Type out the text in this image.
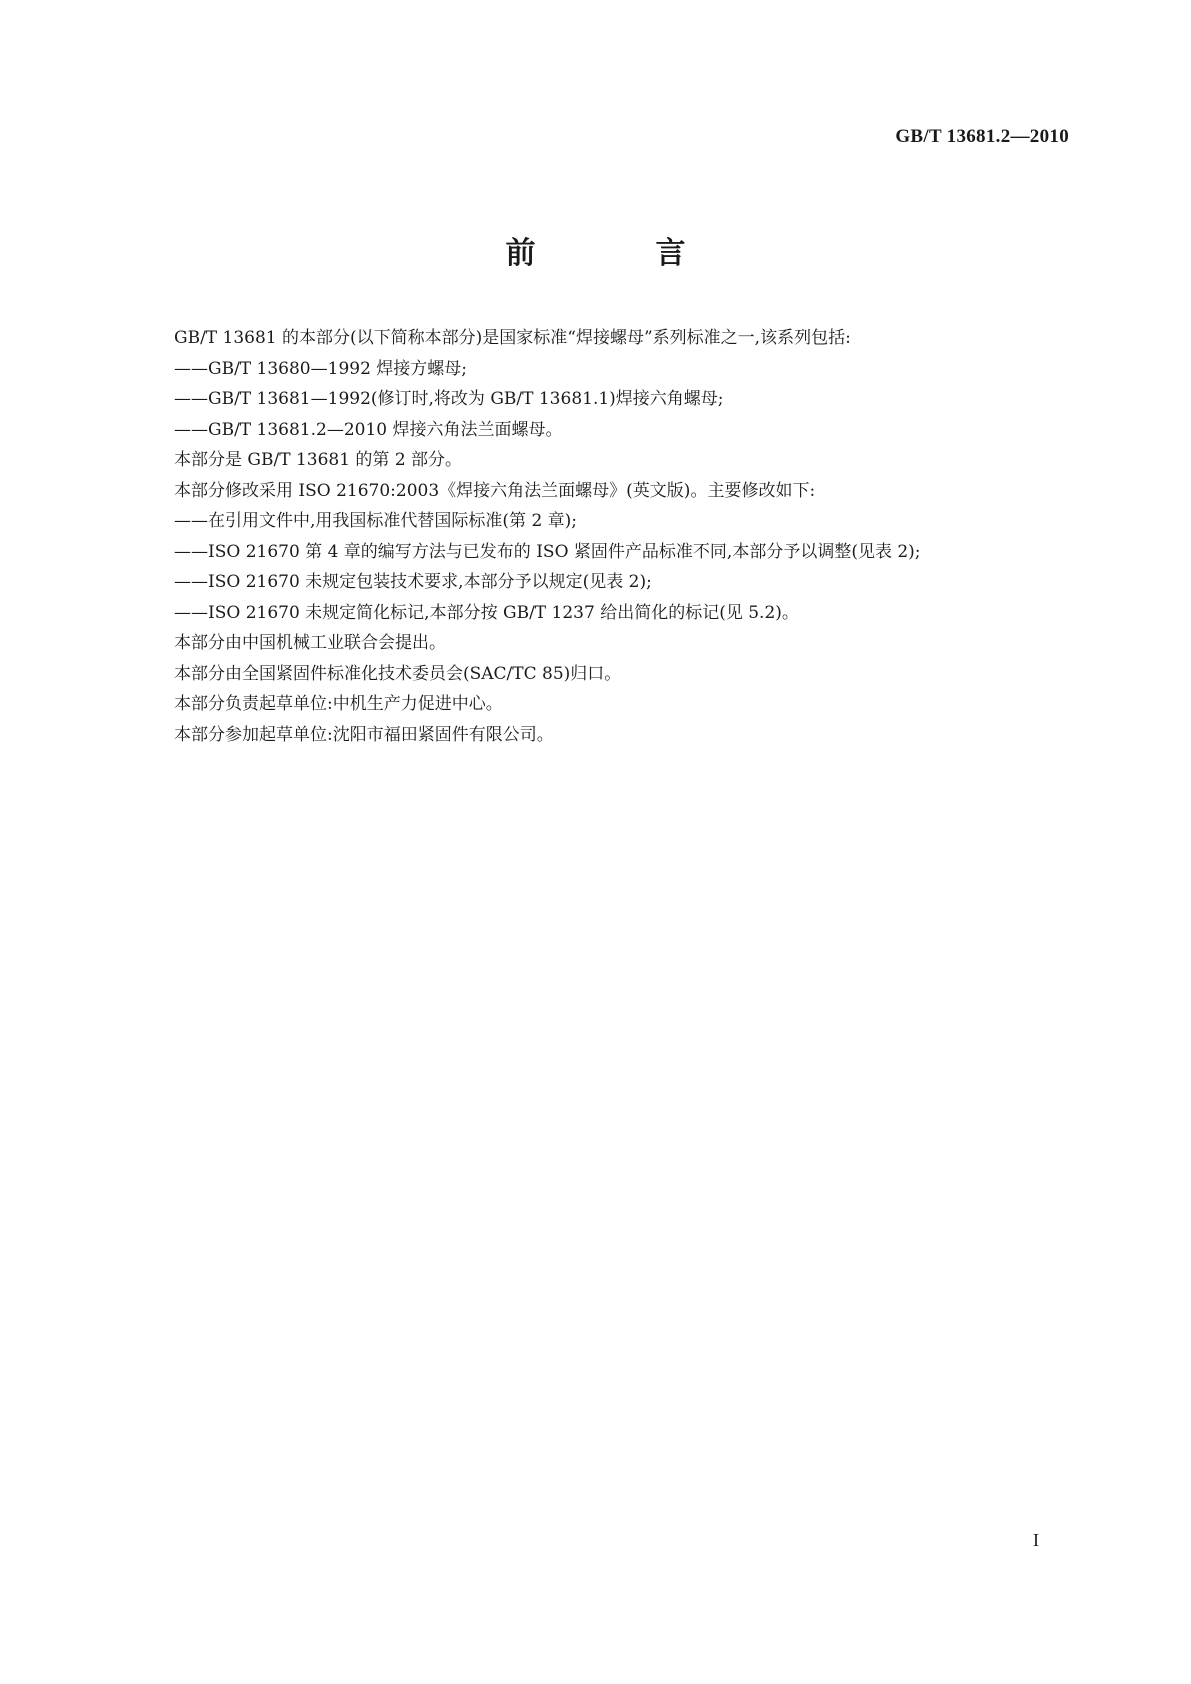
GB/T 13681.2—2010
前　言
GB/T 13681 的本部分(以下简称本部分)是国家标准“焊接螺母”系列标准之一,该系列包括:
——GB/T 13680—1992 焊接方螺母;
——GB/T 13681—1992(修订时,将改为 GB/T 13681.1)焊接六角螺母;
——GB/T 13681.2—2010 焊接六角法兰面螺母。
本部分是 GB/T 13681 的第 2 部分。
本部分修改采用 ISO 21670:2003《焊接六角法兰面螺母》(英文版)。主要修改如下:
——在引用文件中,用我国标准代替国际标准(第 2 章);
——ISO 21670 第 4 章的编写方法与已发布的 ISO 紧固件产品标准不同,本部分予以调整(见表 2);
——ISO 21670 未规定包装技术要求,本部分予以规定(见表 2);
——ISO 21670 未规定简化标记,本部分按 GB/T 1237 给出简化的标记(见 5.2)。
本部分由中国机械工业联合会提出。
本部分由全国紧固件标准化技术委员会(SAC/TC 85)归口。
本部分负责起草单位:中机生产力促进中心。
本部分参加起草单位:沈阳市福田紧固件有限公司。
I
